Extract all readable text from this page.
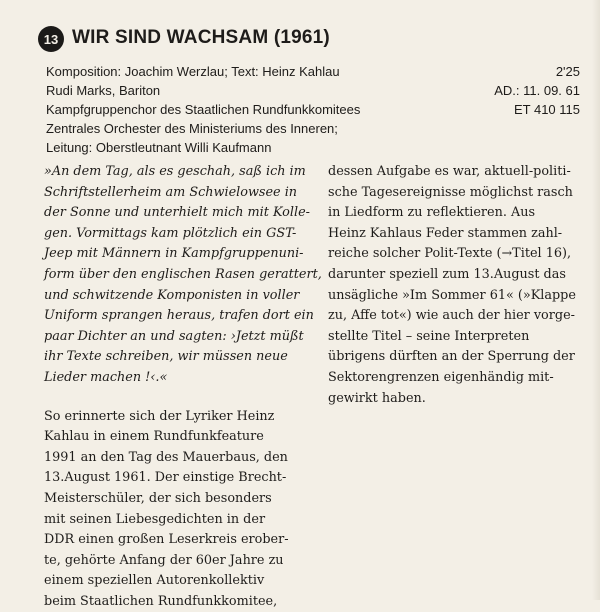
13 WIR SIND WACHSAM (1961)
Komposition: Joachim Werzlau; Text: Heinz Kahlau
Rudi Marks, Bariton
Kampfgruppenchor des Staatlichen Rundfunkkomitees
Zentrales Orchester des Ministeriums des Inneren;
Leitung: Oberstleutnant Willi Kaufmann
2'25
AD.: 11. 09. 61
ET 410 115

»An dem Tag, als es geschah, saß ich im
Schriftstellerheim am Schwielowsee in
der Sonne und unterhielt mich mit Kolle-
gen. Vormittags kam plötzlich ein GST-
Jeep mit Männern in Kampfgruppenuni-
form über den englischen Rasen gerattert,
und schwitzende Komponisten in voller
Uniform sprangen heraus, trafen dort ein
paar Dichter an und sagten: ›Jetzt müßt
ihr Texte schreiben, wir müssen neue
Lieder machen !‹.«

So erinnerte sich der Lyriker Heinz
Kahlau in einem Rundfunkfeature
1991 an den Tag des Mauerbaus, den
13.August 1961. Der einstige Brecht-
Meisterschüler, der sich besonders
mit seinen Liebesgedichten in der
DDR einen großen Leserkreis erober-
te, gehörte Anfang der 60er Jahre zu
einem speziellen Autorenkollektiv
beim Staatlichen Rundfunkkomitee,

dessen Aufgabe es war, aktuell-politi-
sche Tagesereignisse möglichst rasch
in Liedform zu reflektieren. Aus
Heinz Kahlaus Feder stammen zahl-
reiche solcher Polit-Texte (→Titel 16),
darunter speziell zum 13.August das
unsägliche »Im Sommer 61« (»Klappe
zu, Affe tot«) wie auch der hier vorge-
stellte Titel – seine Interpreten
übrigens dürften an der Sperrung der
Sektorengrenzen eigenhändig mit-
gewirkt haben.
